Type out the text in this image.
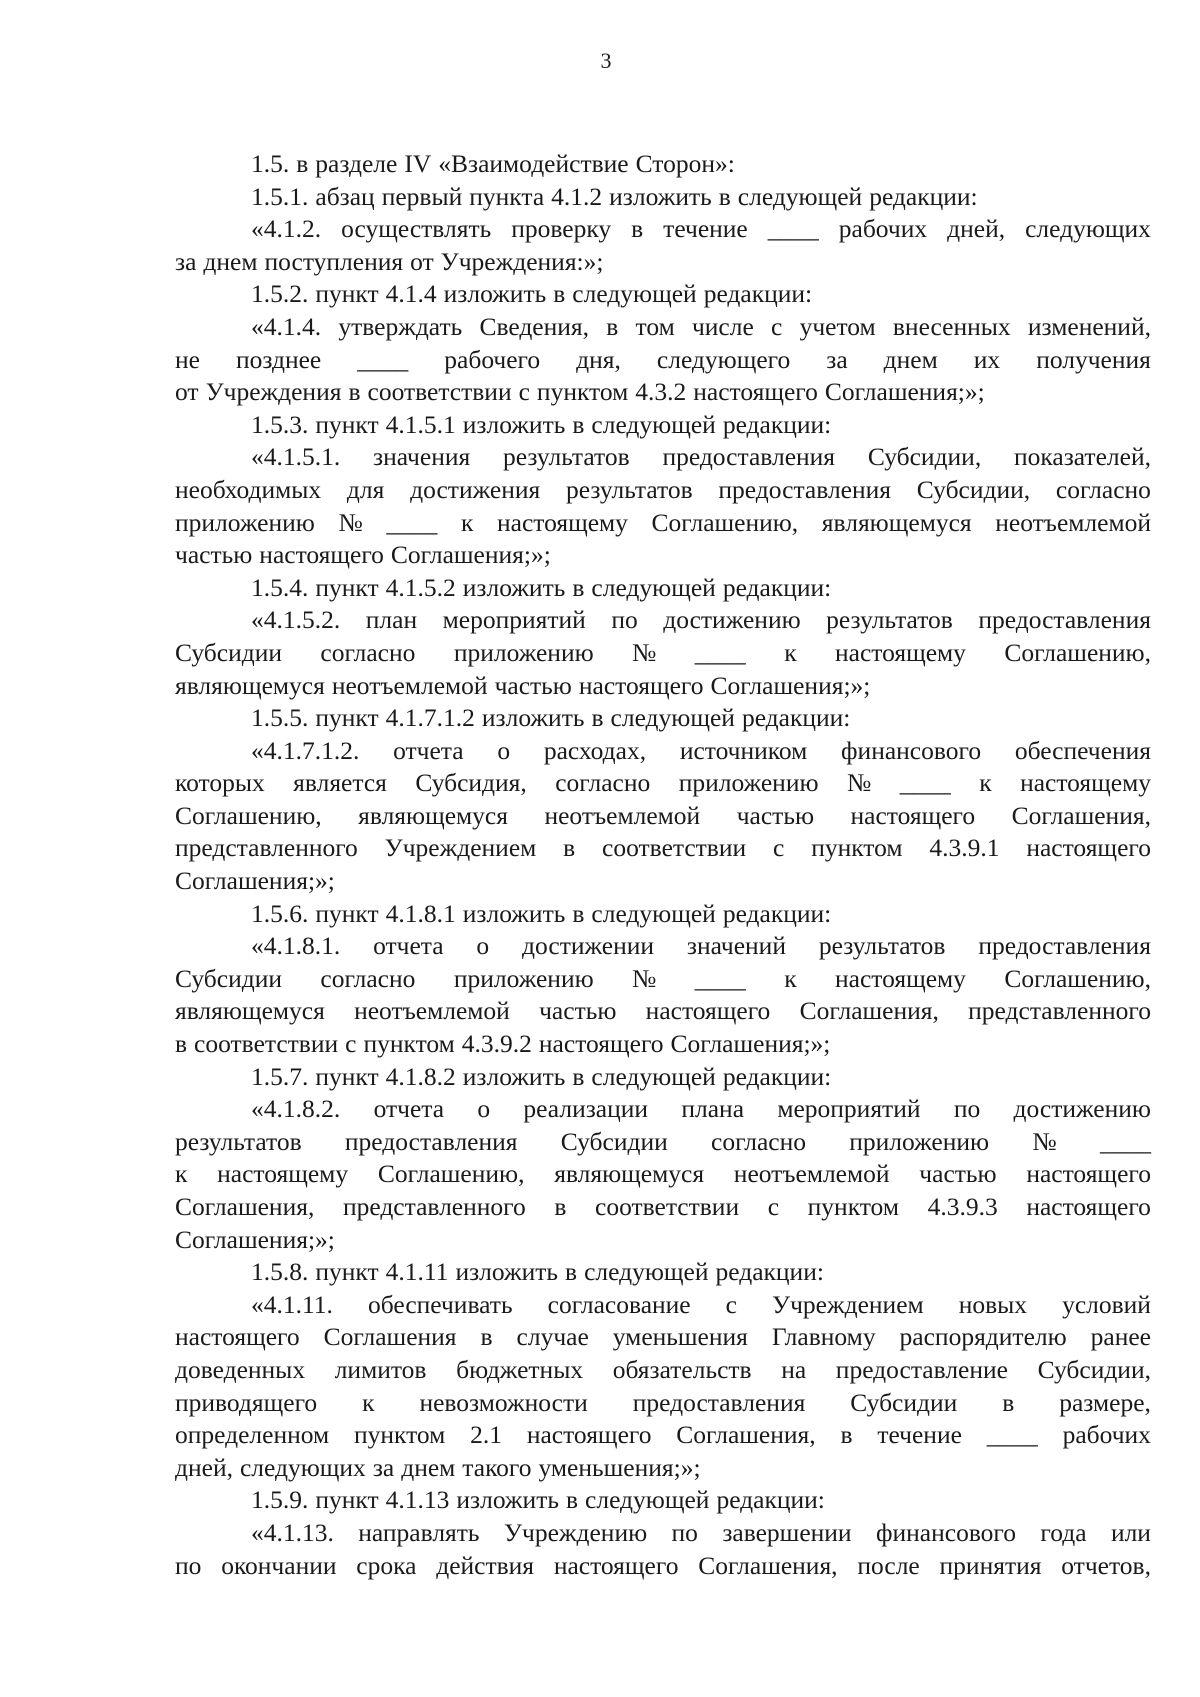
3
1.5. в разделе IV «Взаимодействие Сторон»:
1.5.1. абзац первый пункта 4.1.2 изложить в следующей редакции:
«4.1.2. осуществлять проверку в течение ____ рабочих дней, следующих
за днем поступления от Учреждения:»;
1.5.2. пункт 4.1.4 изложить в следующей редакции:
«4.1.4. утверждать Сведения, в том числе с учетом внесенных изменений,
не позднее ____ рабочего дня, следующего за днем их получения
от Учреждения в соответствии с пунктом 4.3.2 настоящего Соглашения;»;
1.5.3. пункт 4.1.5.1 изложить в следующей редакции:
«4.1.5.1. значения результатов предоставления Субсидии, показателей,
необходимых для достижения результатов предоставления Субсидии, согласно
приложению № ____ к настоящему Соглашению, являющемуся неотъемлемой
частью настоящего Соглашения;»;
1.5.4. пункт 4.1.5.2 изложить в следующей редакции:
«4.1.5.2. план мероприятий по достижению результатов предоставления
Субсидии согласно приложению № ____ к настоящему Соглашению,
являющемуся неотъемлемой частью настоящего Соглашения;»;
1.5.5. пункт 4.1.7.1.2 изложить в следующей редакции:
«4.1.7.1.2. отчета о расходах, источником финансового обеспечения
которых является Субсидия, согласно приложению № ____ к настоящему
Соглашению, являющемуся неотъемлемой частью настоящего Соглашения,
представленного Учреждением в соответствии с пунктом 4.3.9.1 настоящего
Соглашения;»;
1.5.6. пункт 4.1.8.1 изложить в следующей редакции:
«4.1.8.1. отчета о достижении значений результатов предоставления
Субсидии согласно приложению № ____ к настоящему Соглашению,
являющемуся неотъемлемой частью настоящего Соглашения, представленного
в соответствии с пунктом 4.3.9.2 настоящего Соглашения;»;
1.5.7. пункт 4.1.8.2 изложить в следующей редакции:
«4.1.8.2. отчета о реализации плана мероприятий по достижению
результатов предоставления Субсидии согласно приложению № ____
к настоящему Соглашению, являющемуся неотъемлемой частью настоящего
Соглашения, представленного в соответствии с пунктом 4.3.9.3 настоящего
Соглашения;»;
1.5.8. пункт 4.1.11 изложить в следующей редакции:
«4.1.11. обеспечивать согласование с Учреждением новых условий
настоящего Соглашения в случае уменьшения Главному распорядителю ранее
доведенных лимитов бюджетных обязательств на предоставление Субсидии,
приводящего к невозможности предоставления Субсидии в размере,
определенном пунктом 2.1 настоящего Соглашения, в течение ____ рабочих
дней, следующих за днем такого уменьшения;»;
1.5.9. пункт 4.1.13 изложить в следующей редакции:
«4.1.13. направлять Учреждению по завершении финансового года или
по окончании срока действия настоящего Соглашения, после принятия отчетов,
